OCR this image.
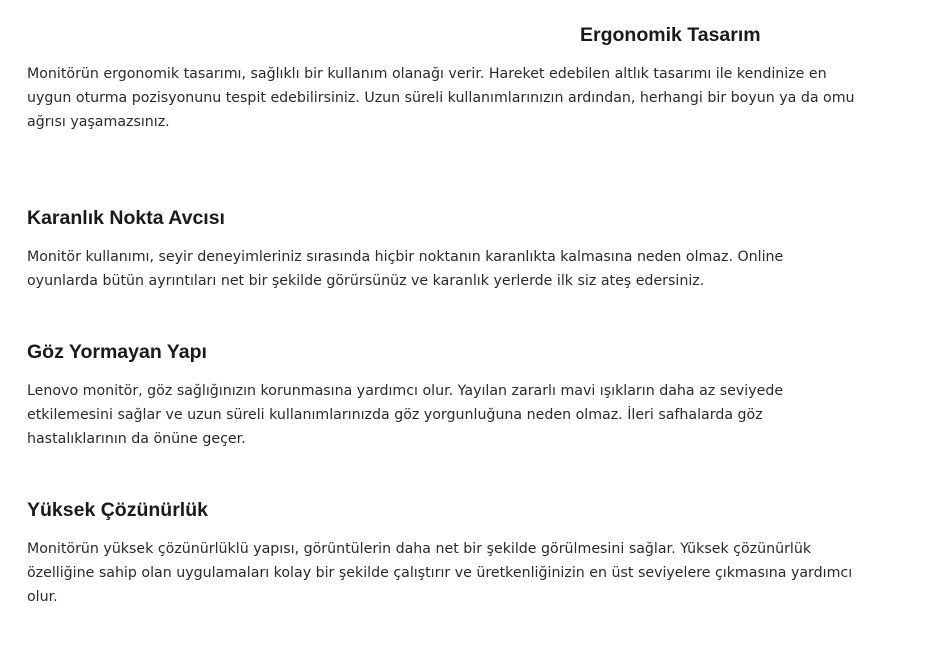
Ergonomik Tasarım

Monitörün ergonomik tasarımı, sağlıklı bir kullanım olanağı verir. Hareket edebilen altlık tasarımı ile kendinize en
uygun oturma pozisyonunu tespit edebilirsiniz. Uzun süreli kullanımlarınızın ardından, herhangi bir boyun ya da omu
ağrısı yaşamazsınız.

Karanlık Nokta Avcısı

Monitör kullanımı, seyir deneyimleriniz sırasında hiçbir noktanın karanlıkta kalmasına neden olmaz. Online
oyunlarda bütün ayrıntıları net bir şekilde görürsünüz ve karanlık yerlerde ilk siz ateş edersiniz.

Göz Yormayan Yapı

Lenovo monitör, göz sağlığınızın korunmasına yardımcı olur. Yayılan zararlı mavi ışıkların daha az seviyede
etkilemesini sağlar ve uzun süreli kullanımlarınızda göz yorgunluğuna neden olmaz. İleri safhalarda göz
hastalıklarının da önüne geçer.

Yüksek Çözünürlük

Monitörün yüksek çözünürlüklü yapısı, görüntülerin daha net bir şekilde görülmesini sağlar. Yüksek çözünürlük
özelliğine sahip olan uygulamaları kolay bir şekilde çalıştırır ve üretkenliğinizin en üst seviyelere çıkmasına yardımcı
olur.
